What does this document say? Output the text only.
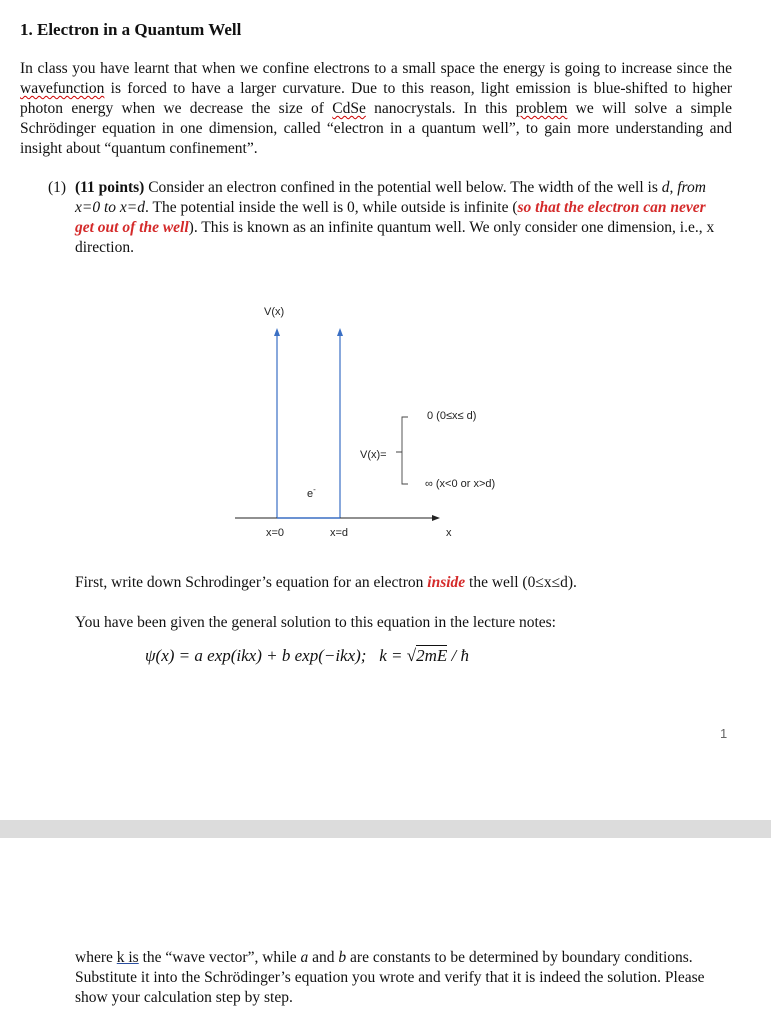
1. Electron in a Quantum Well
In class you have learnt that when we confine electrons to a small space the energy is going to increase since the wavefunction is forced to have a larger curvature. Due to this reason, light emission is blue-shifted to higher photon energy when we decrease the size of CdSe nanocrystals. In this problem we will solve a simple Schrödinger equation in one dimension, called “electron in a quantum well”, to gain more understanding and insight about “quantum confinement”.
(1) (11 points) Consider an electron confined in the potential well below. The width of the well is d, from x=0 to x=d. The potential inside the well is 0, while outside is infinite (so that the electron can never get out of the well). This is known as an infinite quantum well. We only consider one dimension, i.e., x direction.
V(x)
e-
x=0	x=d	x
V(x)=
0 (0≤x≤ d)
∞ (x<0 or x>d)
First, write down Schrodinger’s equation for an electron inside the well (0≤x≤d).
You have been given the general solution to this equation in the lecture notes:
ψ(x) = a exp(ikx) + b exp(−ikx); k = √2mE / ħ
1
where k is the “wave vector”, while a and b are constants to be determined by boundary conditions. Substitute it into the Schrödinger’s equation you wrote and verify that it is indeed the solution. Please show your calculation step by step.
